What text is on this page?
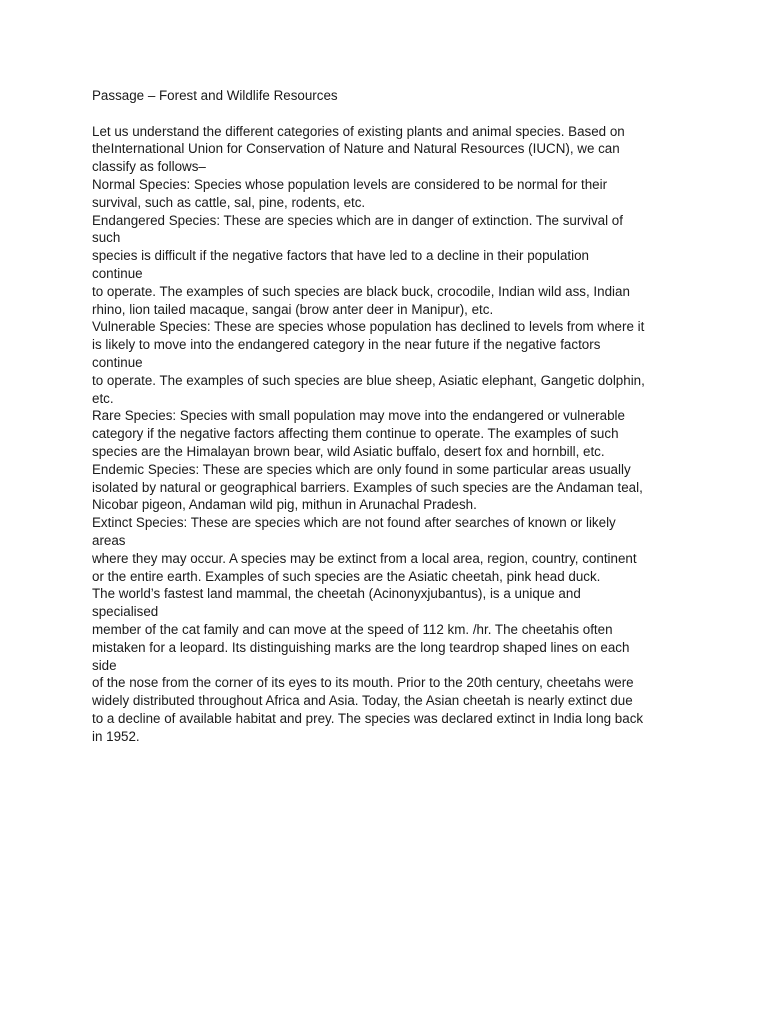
Passage – Forest and Wildlife Resources

Let us understand the different categories of existing plants and animal species. Based on

theInternational Union for Conservation of Nature and Natural Resources (IUCN), we can

classify as follows–

Normal Species: Species whose population levels are considered to be normal for their

survival, such as cattle, sal, pine, rodents, etc.

Endangered Species: These are species which are in danger of extinction. The survival of

such

species is difficult if the negative factors that have led to a decline in their population

continue

to operate. The examples of such species are black buck, crocodile, Indian wild ass, Indian

rhino, lion tailed macaque, sangai (brow anter deer in Manipur), etc.

Vulnerable Species: These are species whose population has declined to levels from where it

is likely to move into the endangered category in the near future if the negative factors

continue

to operate. The examples of such species are blue sheep, Asiatic elephant, Gangetic dolphin,

etc.

Rare Species: Species with small population may move into the endangered or vulnerable

category if the negative factors affecting them continue to operate. The examples of such

species are the Himalayan brown bear, wild Asiatic buffalo, desert fox and hornbill, etc.

Endemic Species: These are species which are only found in some particular areas usually

isolated by natural or geographical barriers. Examples of such species are the Andaman teal,

Nicobar pigeon, Andaman wild pig, mithun in Arunachal Pradesh.

Extinct Species: These are species which are not found after searches of known or likely

areas

where they may occur. A species may be extinct from a local area, region, country, continent

or the entire earth. Examples of such species are the Asiatic cheetah, pink head duck.

The world’s fastest land mammal, the cheetah (Acinonyxjubantus), is a unique and

specialised

member of the cat family and can move at the speed of 112 km. /hr. The cheetahis often

mistaken for a leopard. Its distinguishing marks are the long teardrop shaped lines on each

side

of the nose from the corner of its eyes to its mouth. Prior to the 20th century, cheetahs were

widely distributed throughout Africa and Asia. Today, the Asian cheetah is nearly extinct due

to a decline of available habitat and prey. The species was declared extinct in India long back

in 1952.
